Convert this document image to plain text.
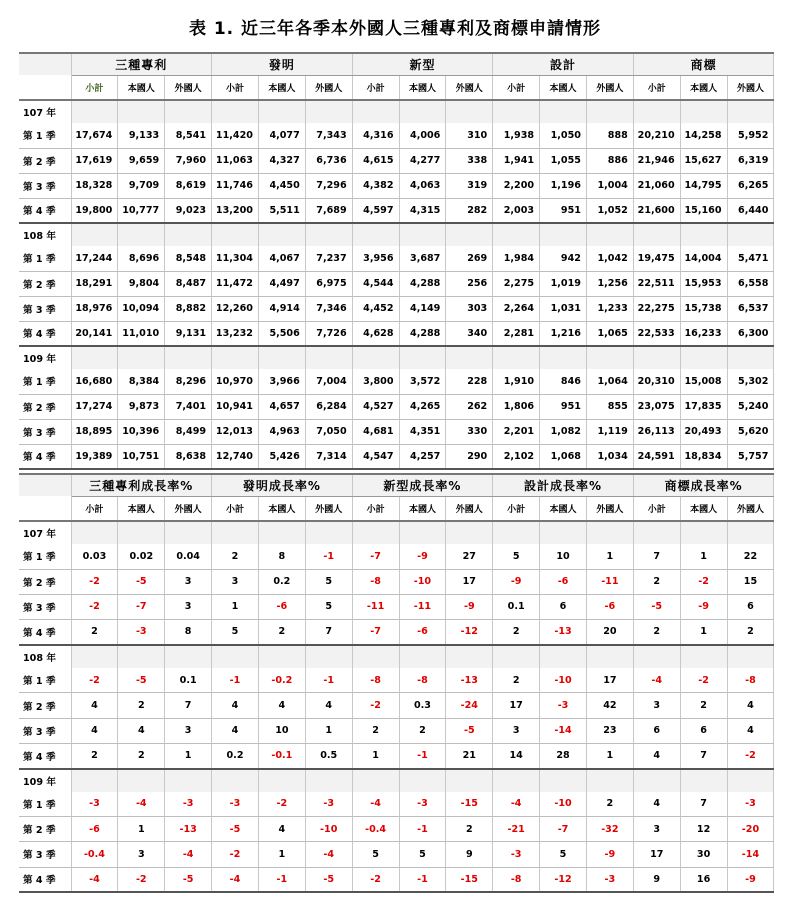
表 1. 近三年各季本外國人三種專利及商標申請情形
	三種專利			發明			新型			設計			商標		
	小計	本國人	外國人	小計	本國人	外國人	小計	本國人	外國人	小計	本國人	外國人	小計	本國人	外國人
107 年															
第 1 季	17,674	9,133	8,541	11,420	4,077	7,343	4,316	4,006	310	1,938	1,050	888	20,210	14,258	5,952
第 2 季	17,619	9,659	7,960	11,063	4,327	6,736	4,615	4,277	338	1,941	1,055	886	21,946	15,627	6,319
第 3 季	18,328	9,709	8,619	11,746	4,450	7,296	4,382	4,063	319	2,200	1,196	1,004	21,060	14,795	6,265
第 4 季	19,800	10,777	9,023	13,200	5,511	7,689	4,597	4,315	282	2,003	951	1,052	21,600	15,160	6,440
108 年															
第 1 季	17,244	8,696	8,548	11,304	4,067	7,237	3,956	3,687	269	1,984	942	1,042	19,475	14,004	5,471
第 2 季	18,291	9,804	8,487	11,472	4,497	6,975	4,544	4,288	256	2,275	1,019	1,256	22,511	15,953	6,558
第 3 季	18,976	10,094	8,882	12,260	4,914	7,346	4,452	4,149	303	2,264	1,031	1,233	22,275	15,738	6,537
第 4 季	20,141	11,010	9,131	13,232	5,506	7,726	4,628	4,288	340	2,281	1,216	1,065	22,533	16,233	6,300
109 年															
第 1 季	16,680	8,384	8,296	10,970	3,966	7,004	3,800	3,572	228	1,910	846	1,064	20,310	15,008	5,302
第 2 季	17,274	9,873	7,401	10,941	4,657	6,284	4,527	4,265	262	1,806	951	855	23,075	17,835	5,240
第 3 季	18,895	10,396	8,499	12,013	4,963	7,050	4,681	4,351	330	2,201	1,082	1,119	26,113	20,493	5,620
第 4 季	19,389	10,751	8,638	12,740	5,426	7,314	4,547	4,257	290	2,102	1,068	1,034	24,591	18,834	5,757
	三種專利成長率%			發明成長率%			新型成長率%			設計成長率%			商標成長率%		
	小計	本國人	外國人	小計	本國人	外國人	小計	本國人	外國人	小計	本國人	外國人	小計	本國人	外國人
107 年															
第 1 季	0.03	0.02	0.04	2	8	-1	-7	-9	27	5	10	1	7	1	22
第 2 季	-2	-5	3	3	0.2	5	-8	-10	17	-9	-6	-11	2	-2	15
第 3 季	-2	-7	3	1	-6	5	-11	-11	-9	0.1	6	-6	-5	-9	6
第 4 季	2	-3	8	5	2	7	-7	-6	-12	2	-13	20	2	1	2
108 年															
第 1 季	-2	-5	0.1	-1	-0.2	-1	-8	-8	-13	2	-10	17	-4	-2	-8
第 2 季	4	2	7	4	4	4	-2	0.3	-24	17	-3	42	3	2	4
第 3 季	4	4	3	4	10	1	2	2	-5	3	-14	23	6	6	4
第 4 季	2	2	1	0.2	-0.1	0.5	1	-1	21	14	28	1	4	7	-2
109 年															
第 1 季	-3	-4	-3	-3	-2	-3	-4	-3	-15	-4	-10	2	4	7	-3
第 2 季	-6	1	-13	-5	4	-10	-0.4	-1	2	-21	-7	-32	3	12	-20
第 3 季	-0.4	3	-4	-2	1	-4	5	5	9	-3	5	-9	17	30	-14
第 4 季	-4	-2	-5	-4	-1	-5	-2	-1	-15	-8	-12	-3	9	16	-9
